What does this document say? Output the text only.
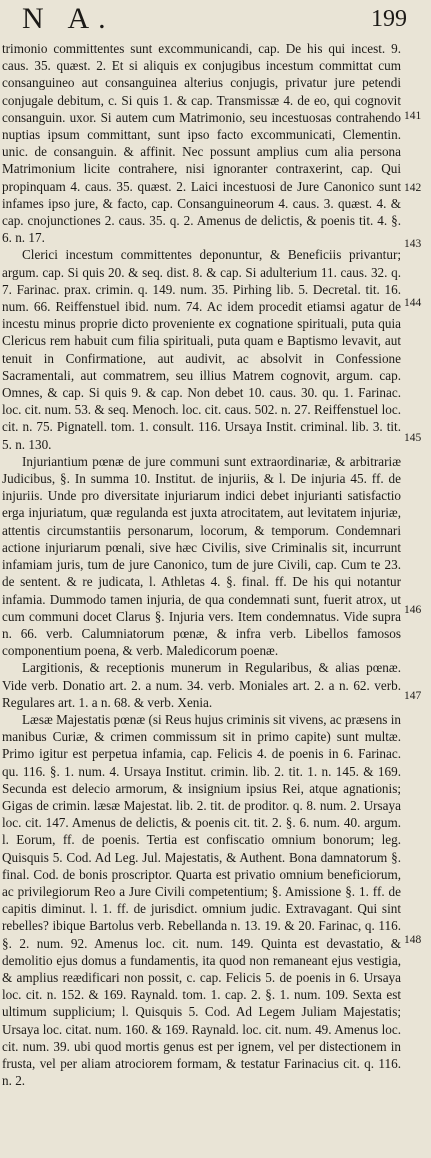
N A.	199

trimonio committentes sunt excommunicandi, cap. De his qui incest. 9. caus. 35. quæst. 2. Et si aliquis ex conjugibus incestum committat cum consanguineo aut consanguinea alterius conjugis, privatur jure petendi conjugale debitum, c. Si quis 1. & cap. Transmissæ 4. de eo, qui cognovit consanguin. uxor. Si autem cum Matrimonio, seu incestuosas contrahendo nuptias ipsum committant, sunt ipso facto excommunicati, Clementin. unic. de consanguin. & affinit. Nec possunt amplius cum alia persona Matrimonium licite contrahere, nisi ignoranter contraxerint, cap. Qui propinquam 4. caus. 35. quæst. 2. Laici incestuosi de Jure Canonico sunt infames ipso jure, & facto, cap. Consanguineorum 4. caus. 3. quæst. 4. & cap. cnojunctiones 2. caus. 35. q. 2. Amenus de delictis, & poenis tit. 4. §. 6. n. 17.

Clerici incestum committentes deponuntur, & Beneficiis privantur; argum. cap. Si quis 20. & seq. dist. 8. & cap. Si adulterium 11. caus. 32. q. 7. Farinac. prax. crimin. q. 149. num. 35. Pirhing lib. 5. Decretal. tit. 16. num. 66. Reiffenstuel ibid. num. 74. Ac idem procedit etiamsi agatur de incestu minus proprie dicto proveniente ex cognatione spirituali, puta quia Clericus rem habuit cum filia spirituali, puta quam e Baptismo levavit, aut tenuit in Confirmatione, aut audivit, ac absolvit in Confessione Sacramentali, aut commatrem, seu illius Matrem cognovit, argum. cap. Omnes, & cap. Si quis 9. & cap. Non debet 10. caus. 30. qu. 1. Farinac. loc. cit. num. 53. & seq. Menoch. loc. cit. caus. 502. n. 27. Reiffenstuel loc. cit. n. 75. Pignatell. tom. 1. consult. 116. Ursaya Instit. criminal. lib. 3. tit. 5. n. 130.

Injuriantium pœnæ de jure communi sunt extraordinariæ, & arbitrariæ Judicibus, §. In summa 10. Institut. de injuriis, & l. De injuria 45. ff. de injuriis. Unde pro diversitate injuriarum indici debet injurianti satisfactio erga injuriatum, quæ regulanda est juxta atrocitatem, aut levitatem injuriæ, attentis circumstantiis personarum, locorum, & temporum. Condemnari actione injuriarum pœnali, sive hæc Civilis, sive Criminalis sit, incurrunt infamiam juris, tum de jure Canonico, tum de jure Civili, cap. Cum te 23. de sentent. & re judicata, l. Athletas 4. §. final. ff. De his qui notantur infamia. Dummodo tamen injuria, de qua condemnati sunt, fuerit atrox, ut cum communi docet Clarus §. Injuria vers. Item condemnatus. Vide supra n. 66. verb. Calumniatorum pœnæ, & infra verb. Libellos famosos componentium poena, & verb. Maledicorum poenæ.

Largitionis, & receptionis munerum in Regularibus, & alias pœnæ. Vide verb. Donatio art. 2. a num. 34. verb. Moniales art. 2. a n. 62. verb. Regulares art. 1. a n. 68. & verb. Xenia.

Læsæ Majestatis pœnæ (si Reus hujus criminis sit vivens, ac præsens in manibus Curiæ, & crimen commissum sit in primo capite) sunt multæ. Primo igitur est perpetua infamia, cap. Felicis 4. de poenis in 6. Farinac. qu. 116. §. 1. num. 4. Ursaya Institut. crimin. lib. 2. tit. 1. n. 145. & 169. Secunda est delecio armorum, & insignium ipsius Rei, atque agnationis; Gigas de crimin. læsæ Majestat. lib. 2. tit. de proditor. q. 8. num. 2. Ursaya loc. cit. 147. Amenus de delictis, & poenis cit. tit. 2. §. 6. num. 40. argum. l. Eorum, ff. de poenis. Tertia est confiscatio omnium bonorum; leg. Quisquis 5. Cod. Ad Leg. Jul. Majestatis, & Authent. Bona damnatorum §. final. Cod. de bonis proscriptor. Quarta est privatio omnium beneficiorum, ac privilegiorum Reo a Jure Civili competentium; §. Amissione §. 1. ff. de capitis diminut. l. 1. ff. de jurisdict. omnium judic. Extravagant. Qui sint rebelles? ibique Bartolus verb. Rebellanda n. 13. 19. & 20. Farinac, q. 116. §. 2. num. 92. Amenus loc. cit. num. 149. Quinta est devastatio, & demolitio ejus domus a fundamentis, ita quod non remaneant ejus vestigia, & amplius reædificari non possit, c. cap. Felicis 5. de poenis in 6. Ursaya loc. cit. n. 152. & 169. Raynald. tom. 1. cap. 2. §. 1. num. 109. Sexta est ultimum supplicium; l. Quisquis 5. Cod. Ad Legem Juliam Majestatis; Ursaya loc. citat. num. 160. & 169. Raynald. loc. cit. num. 49. Amenus loc. cit. num. 39. ubi quod mortis genus est per ignem, vel per distectionem in frusta, vel per aliam atrociorem formam, & testatur Farinacius cit. q. 116. n. 2.

141
142
143
144
145
146
147
148
